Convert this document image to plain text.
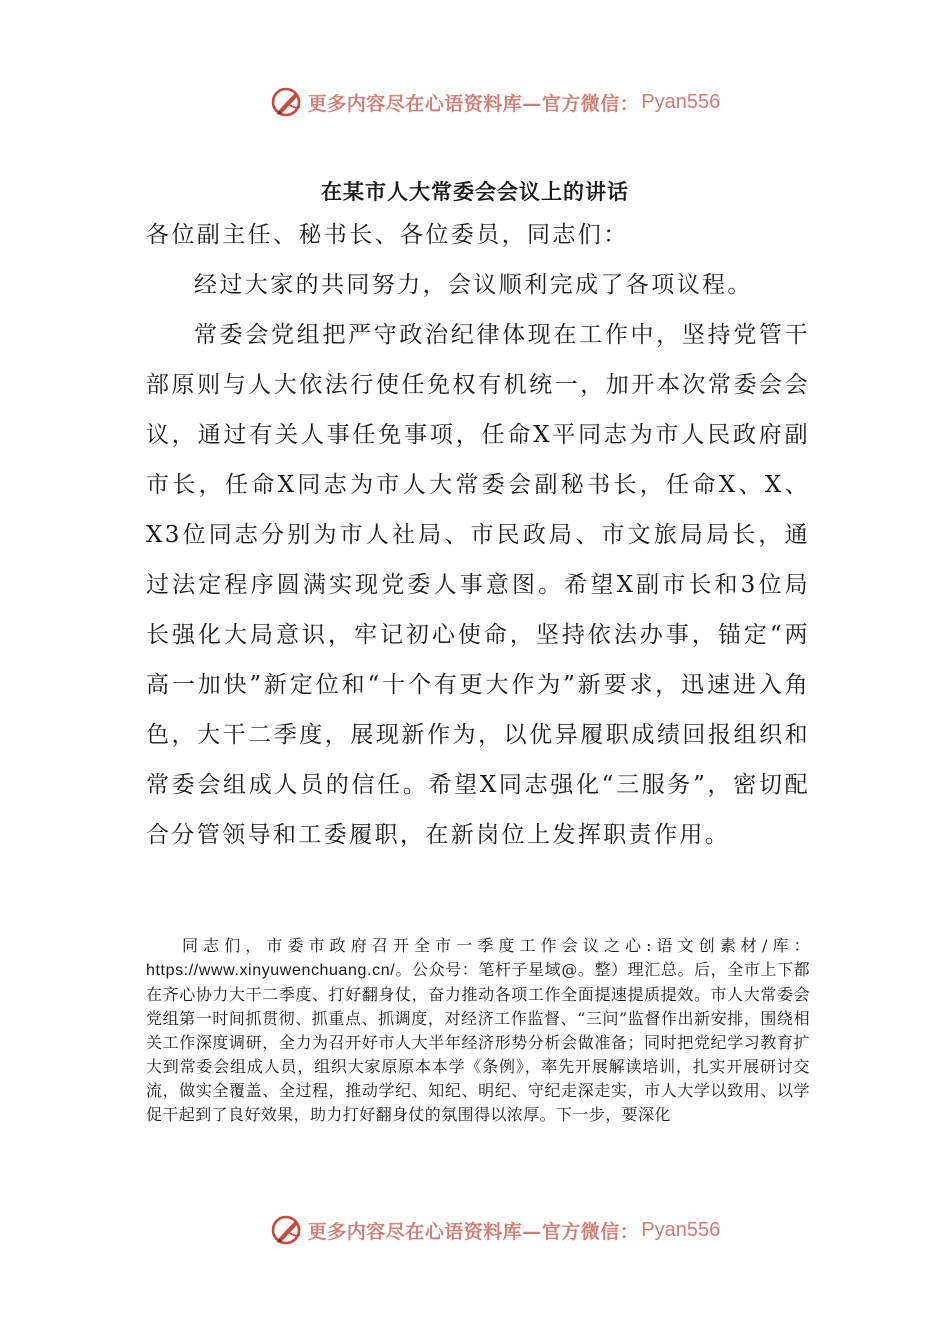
更多内容尽在心语资料库—官方微信： Pyan556
在某市人大常委会会议上的讲话

各位副主任、秘书长、各位委员，同志们：

经过大家的共同努力，会议顺利完成了各项议程。

常委会党组把严守政治纪律体现在工作中，坚持党管干部原则与人大依法行使任免权有机统一，加开本次常委会会议，通过有关人事任免事项，任命X平同志为市人民政府副市长，任命X同志为市人大常委会副秘书长，任命X、X、X3位同志分别为市人社局、市民政局、市文旅局局长，通过法定程序圆满实现党委人事意图。希望X副市长和3位局长强化大局意识，牢记初心使命，坚持依法办事，锚定“两高一加快”新定位和“十个有更大作为”新要求，迅速进入角色，大干二季度，展现新作为，以优异履职成绩回报组织和常委会组成人员的信任。希望X同志强化“三服务”，密切配合分管领导和工委履职，在新岗位上发挥职责作用。

同志们，市委市政府召开全市一季度工作会议之心:语文创素材/库：https://www.xinyuwenchuang.cn/。公众号：笔杆子星域@。整）理汇总。后，全市上下都在齐心协力大干二季度、打好翻身仗，奋力推动各项工作全面提速提质提效。市人大常委会党组第一时间抓贯彻、抓重点、抓调度，对经济工作监督、“三问”监督作出新安排，围绕相关工作深度调研，全力为召开好市人大半年经济形势分析会做准备；同时把党纪学习教育扩大到常委会组成人员，组织大家原原本本学《条例》，率先开展解读培训，扎实开展研讨交流，做实全覆盖、全过程，推动学纪、知纪、明纪、守纪走深走实，市人大学以致用、以学促干起到了良好效果，助力打好翻身仗的氛围得以浓厚。下一步，要深化
更多内容尽在心语资料库—官方微信： Pyan556
